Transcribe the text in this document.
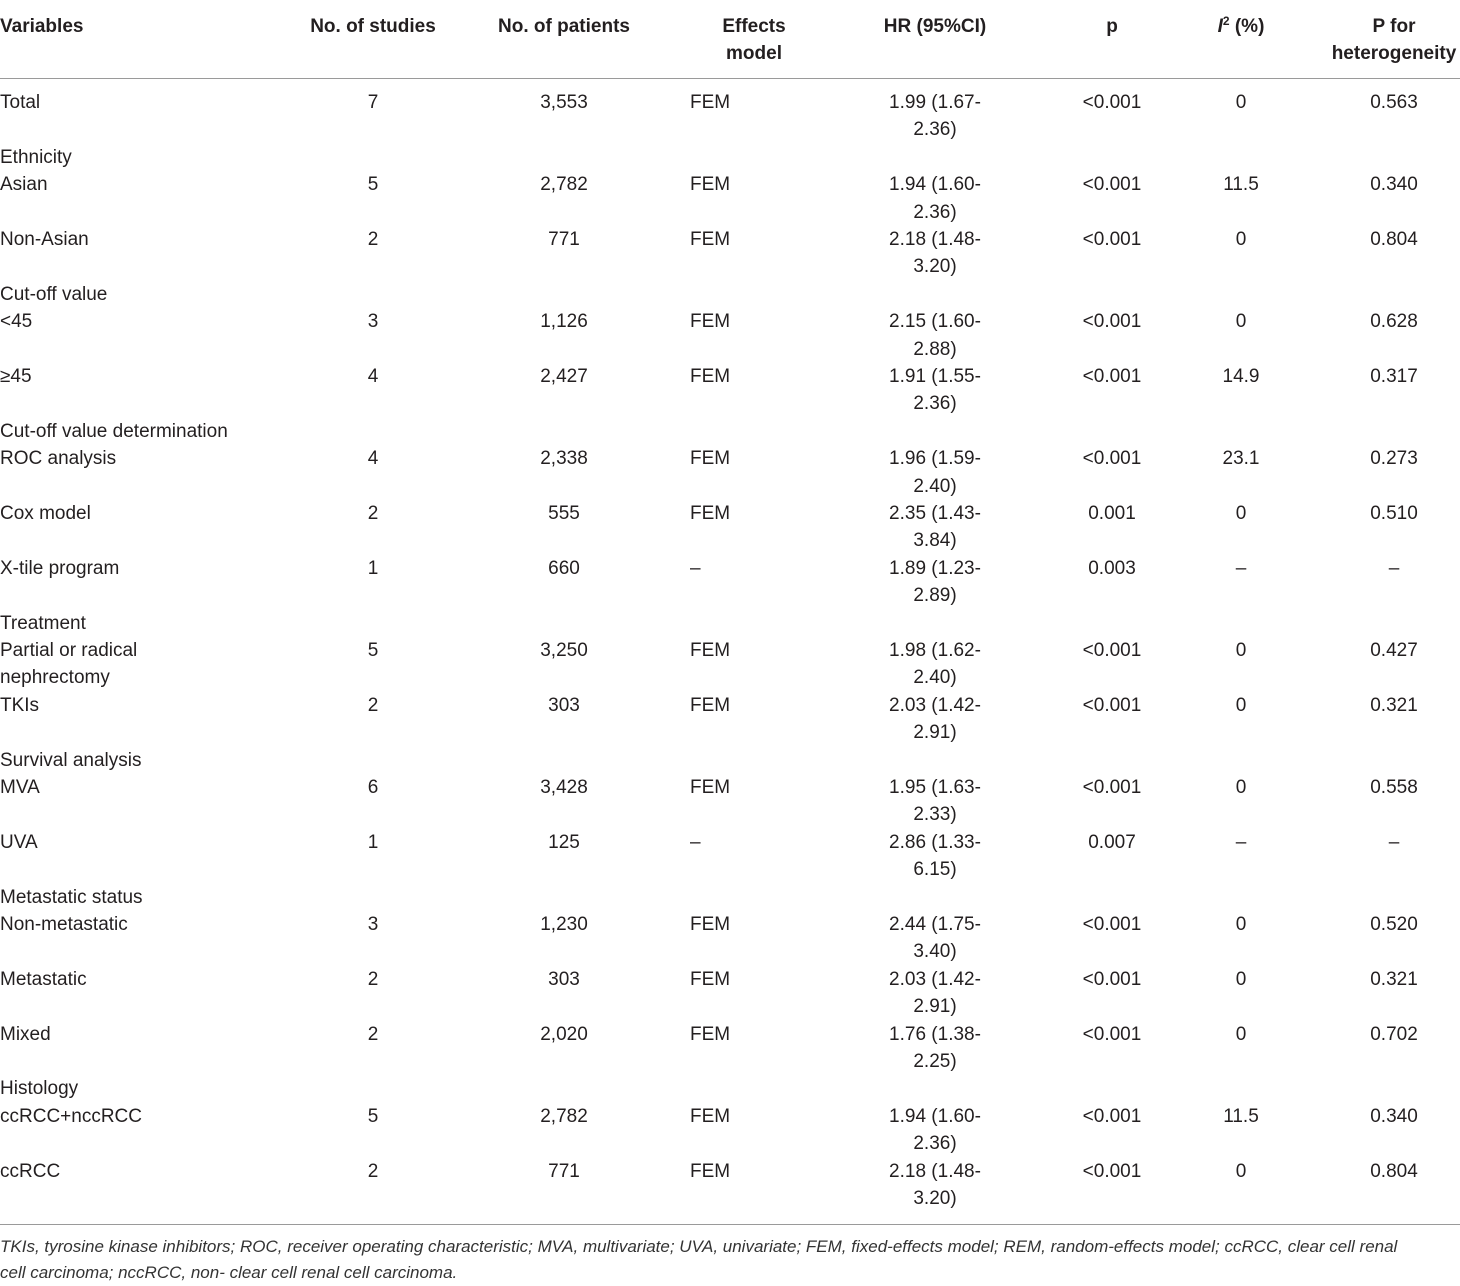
Variables	No. of studies	No. of patients	Effects
model
HR (95%CI)	p	$I^2$ (%)	P for
heterogeneity
Total	7	3,553	FEM	1.99 (1.67-	<0.001	0	0.563
2.36)
Ethnicity
Asian	5	2,782	FEM	1.94 (1.60-	<0.001	11.5	0.340
2.36)
Non-Asian	2	771	FEM	2.18 (1.48-	<0.001	0	0.804
3.20)
Cut-off value
<45	3	1,126	FEM	2.15 (1.60-	<0.001	0	0.628
2.88)
≥45	4	2,427	FEM	1.91 (1.55-	<0.001	14.9	0.317
2.36)
Cut-off value determination
ROC analysis	4	2,338	FEM	1.96 (1.59-	<0.001	23.1	0.273
2.40)
Cox model	2	555	FEM	2.35 (1.43-	0.001	0	0.510
3.84)
X-tile program	1	660	–	1.89 (1.23-	0.003	–	–
2.89)
Treatment
Partial or radical	5	3,250	FEM	1.98 (1.62-	<0.001	0	0.427
2.40)
nephrectomy
TKIs	2	303	FEM	2.03 (1.42-	<0.001	0	0.321
2.91)
Survival analysis
MVA	6	3,428	FEM	1.95 (1.63-	<0.001	0	0.558
2.33)
UVA	1	125	–	2.86 (1.33-	0.007	–	–
6.15)
Metastatic status
Non-metastatic	3	1,230	FEM	2.44 (1.75-	<0.001	0	0.520
3.40)
Metastatic	2	303	FEM	2.03 (1.42-	<0.001	0	0.321
2.91)
Mixed	2	2,020	FEM	1.76 (1.38-	<0.001	0	0.702
2.25)
Histology
ccRCC+nccRCC	5	2,782	FEM	1.94 (1.60-	<0.001	11.5	0.340
2.36)
ccRCC	2	771	FEM	2.18 (1.48-	<0.001	0	0.804
3.20)
TKIs, tyrosine kinase inhibitors; ROC, receiver operating characteristic; MVA, multivariate; UVA, univariate; FEM, fixed-effects model; REM, random-effects model; ccRCC, clear cell renal
cell carcinoma; nccRCC, non- clear cell renal cell carcinoma.
